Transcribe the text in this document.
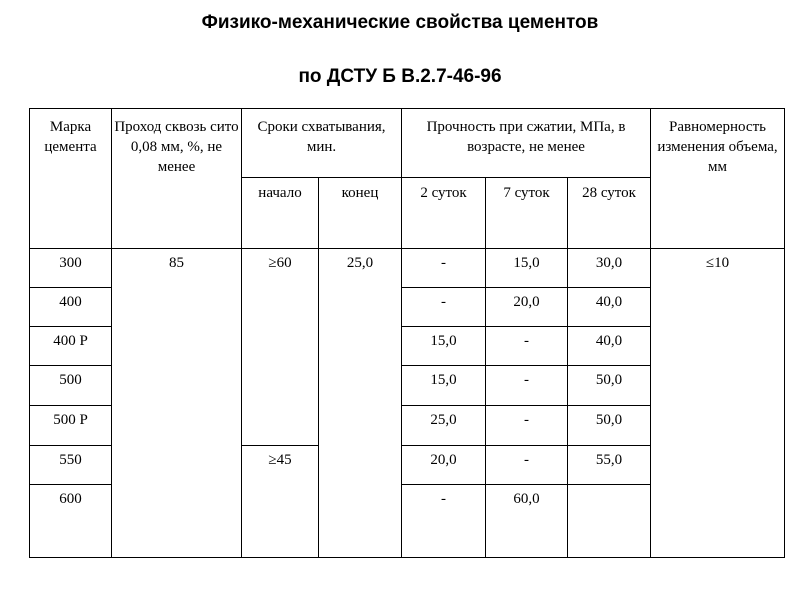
Физико-механические свойства цементов
по ДСТУ Б В.2.7-46-96
Марка цемента	Проход сквозь сито 0,08 мм, %, не менее	Сроки схватывания, мин.		Прочность при сжатии, МПа, в возрасте, не менее			Равномерность изменения объема, мм
		начало	конец	2 суток	7 суток	28 суток	
300	85	≥60	25,0	-	15,0	30,0	≤10
400				-	20,0	40,0	
400 Р				15,0	-	40,0	
500				15,0	-	50,0	
500 Р				25,0	-	50,0	
550		≥45		20,0	-	55,0	
600				-	60,0		
